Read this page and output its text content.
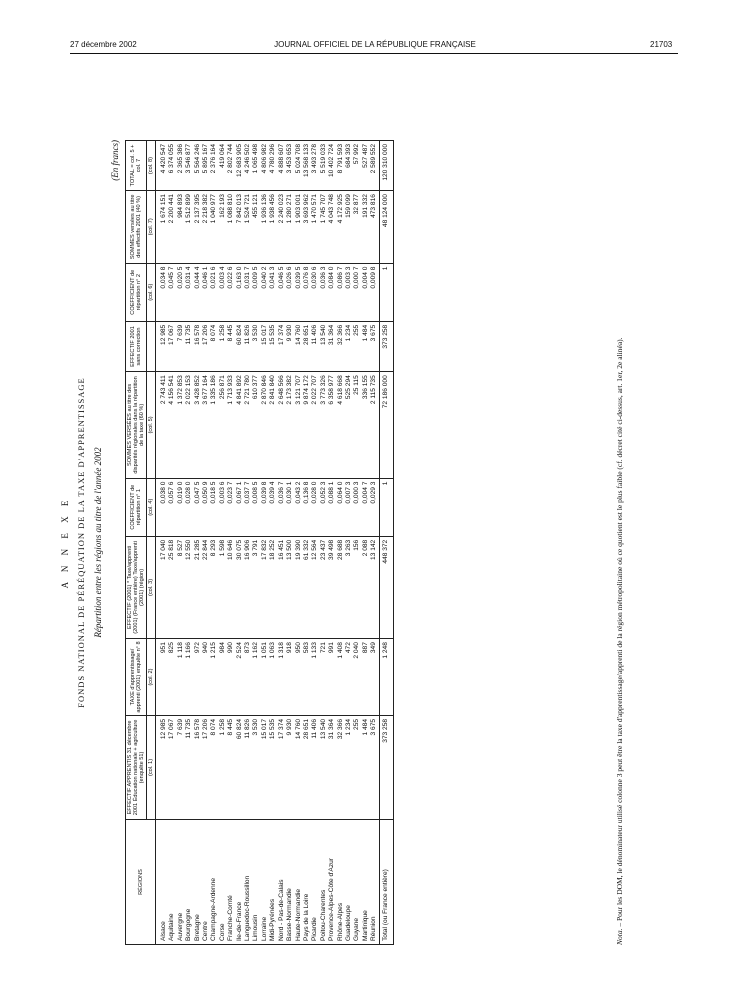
27 décembre 2002	JOURNAL OFFICIEL DE LA RÉPUBLIQUE FRANÇAISE	21703
A N N E X E FONDS NATIONAL DE PÉRÉQUATION DE LA TAXE D'APPRENTISSAGE Répartition entre les régions au titre de l'année 2002
(En francs)
RÉGIONS	EFFECTIF APPRENTIS 31 décembre 2001 Éducation nationale + agriculture (enquête 51)	TAXE d'apprentissage/ apprenti (2001) enquête n° 8	EFFECTIF (2001) * Taxe/apprenti (2001) (France entière) Taxe/apprenti (2001) (région)	COEFFICIENT de répartition n° 1	SOMMES VERSÉES au titre des disparités régionales dans la répartition de la taxe (60 %)	EFFECTIF 2001 sans correction	COEFFICIENT de répartition n° 2	SOMMES versées au titre des effectifs 2001 (40 %)	TOTAL = col. 5 + col. 7
	(col. 1)	(col. 2)	(col. 3)	(col. 4)	(col. 5)		(col. 6)	(col. 7)	(col. 8)
Alsace	12 985	951	17 040	0,038 0	2 743 411	12 985	0,034 8	1 674 151	4 420 547
Aquitaine	17 067	825	25 818	0,057 6	4 156 541	17 067	0,045 7	2 200 441	6 374 055
Auvergne	7 639	1 118	8 527	0,019 0	1 372 853	7 639	0,020 5	984 893	2 365 386
Bourgogne	11 735	1 166	12 550	0,028 0	2 022 153	11 735	0,031 4	1 512 899	3 546 877
Bretagne	16 578	972	21 285	0,047 5	3 428 852	16 578	0,044 4	2 137 395	5 564 246
Centre	17 206	940	22 844	0,050 9	3 677 164	17 206	0,046 1	2 218 382	5 895 167
Champagne-Ardenne	8 074	1 215	8 293	0,018 5	1 335 186	8 074	0,021 6	1 040 977	2 376 164
Corse	1 258	984	1 598	0,003 6	256 871	1 258	0,003 4	162 193	419 064
Franche-Comté	8 445	990	10 646	0,023 7	1 713 933	8 445	0,022 6	1 088 810	2 802 744
Ile-de-France	60 824	2 524	30 075	0,067 1	4 841 892	60 824	0,163 0	7 842 013	12 683 905
Languedoc-Roussillon	11 826	873	16 906	0,037 7	2 721 780	11 826	0,031 7	1 524 721	4 246 502
Limousin	3 530	1 162	3 791	0,008 5	610 377	3 530	0,009 5	455 121	1 065 498
Lorraine	15 017	1 051	17 832	0,039 8	2 870 846	15 017	0,040 2	1 936 136	4 806 982
Midi-Pyrénées	15 535	1 063	18 252	0,039 4	2 841 840	15 535	0,041 3	1 938 456	4 780 296
Nord - Pas-de-Calais	17 374	1 318	16 451	0,036 7	2 648 566	17 374	0,046 5	2 240 023	4 888 607
Basse-Normandie	9 930	918	13 500	0,030 1	2 173 382	9 930	0,026 6	1 280 271	3 453 653
Haute-Normandie	14 760	950	19 390	0,043 2	3 121 707	14 760	0,039 5	1 903 001	5 024 708
Pays de la Loire	28 651	583	61 332	0,136 8	9 874 172	28 651	0,076 8	3 693 962	13 568 133
Picardie	11 406	1 133	12 564	0,028 0	2 022 707	11 406	0,030 6	1 470 571	3 493 278
Poitou-Charentes	13 540	721	23 437	0,052 3	3 773 326	13 540	0,036 3	1 745 707	5 519 033
Provence-Alpes-Côte d'Azur	31 364	991	39 498	0,088 1	6 358 977	31 364	0,084 0	4 043 748	10 402 724
Rhône-Alpes	32 366	1 408	28 688	0,064 0	4 618 668	32 366	0,086 7	4 172 925	8 791 593
Guadeloupe	1 234	472	3 263	0,007 3	525 294	1 234	0,003 3	159 099	684 393
Guyane	255	2 040	156	0,000 3	25 115	255	0,000 7	32 877	57 992
Martinique	1 484	887	2 088	0,004 7	336 155	1 484	0,004 0	191 332	527 487
Réunion	3 675	349	13 142	0,029 3	2 115 735	3 675	0,009 8	473 816	2 589 552
Total (ou France entière)	373 258	1 248	448 372	1	72 186 000	373 258	1	48 124 000	120 310 000
Nota. – Pour les DOM, le dénominateur utilisé colonne 3 peut être la taxe d'apprentissage/apprenti de la région métropolitaine où ce quotient est le plus faible (cf. décret cité ci-dessus, art. 1er, 2e alinéa).
